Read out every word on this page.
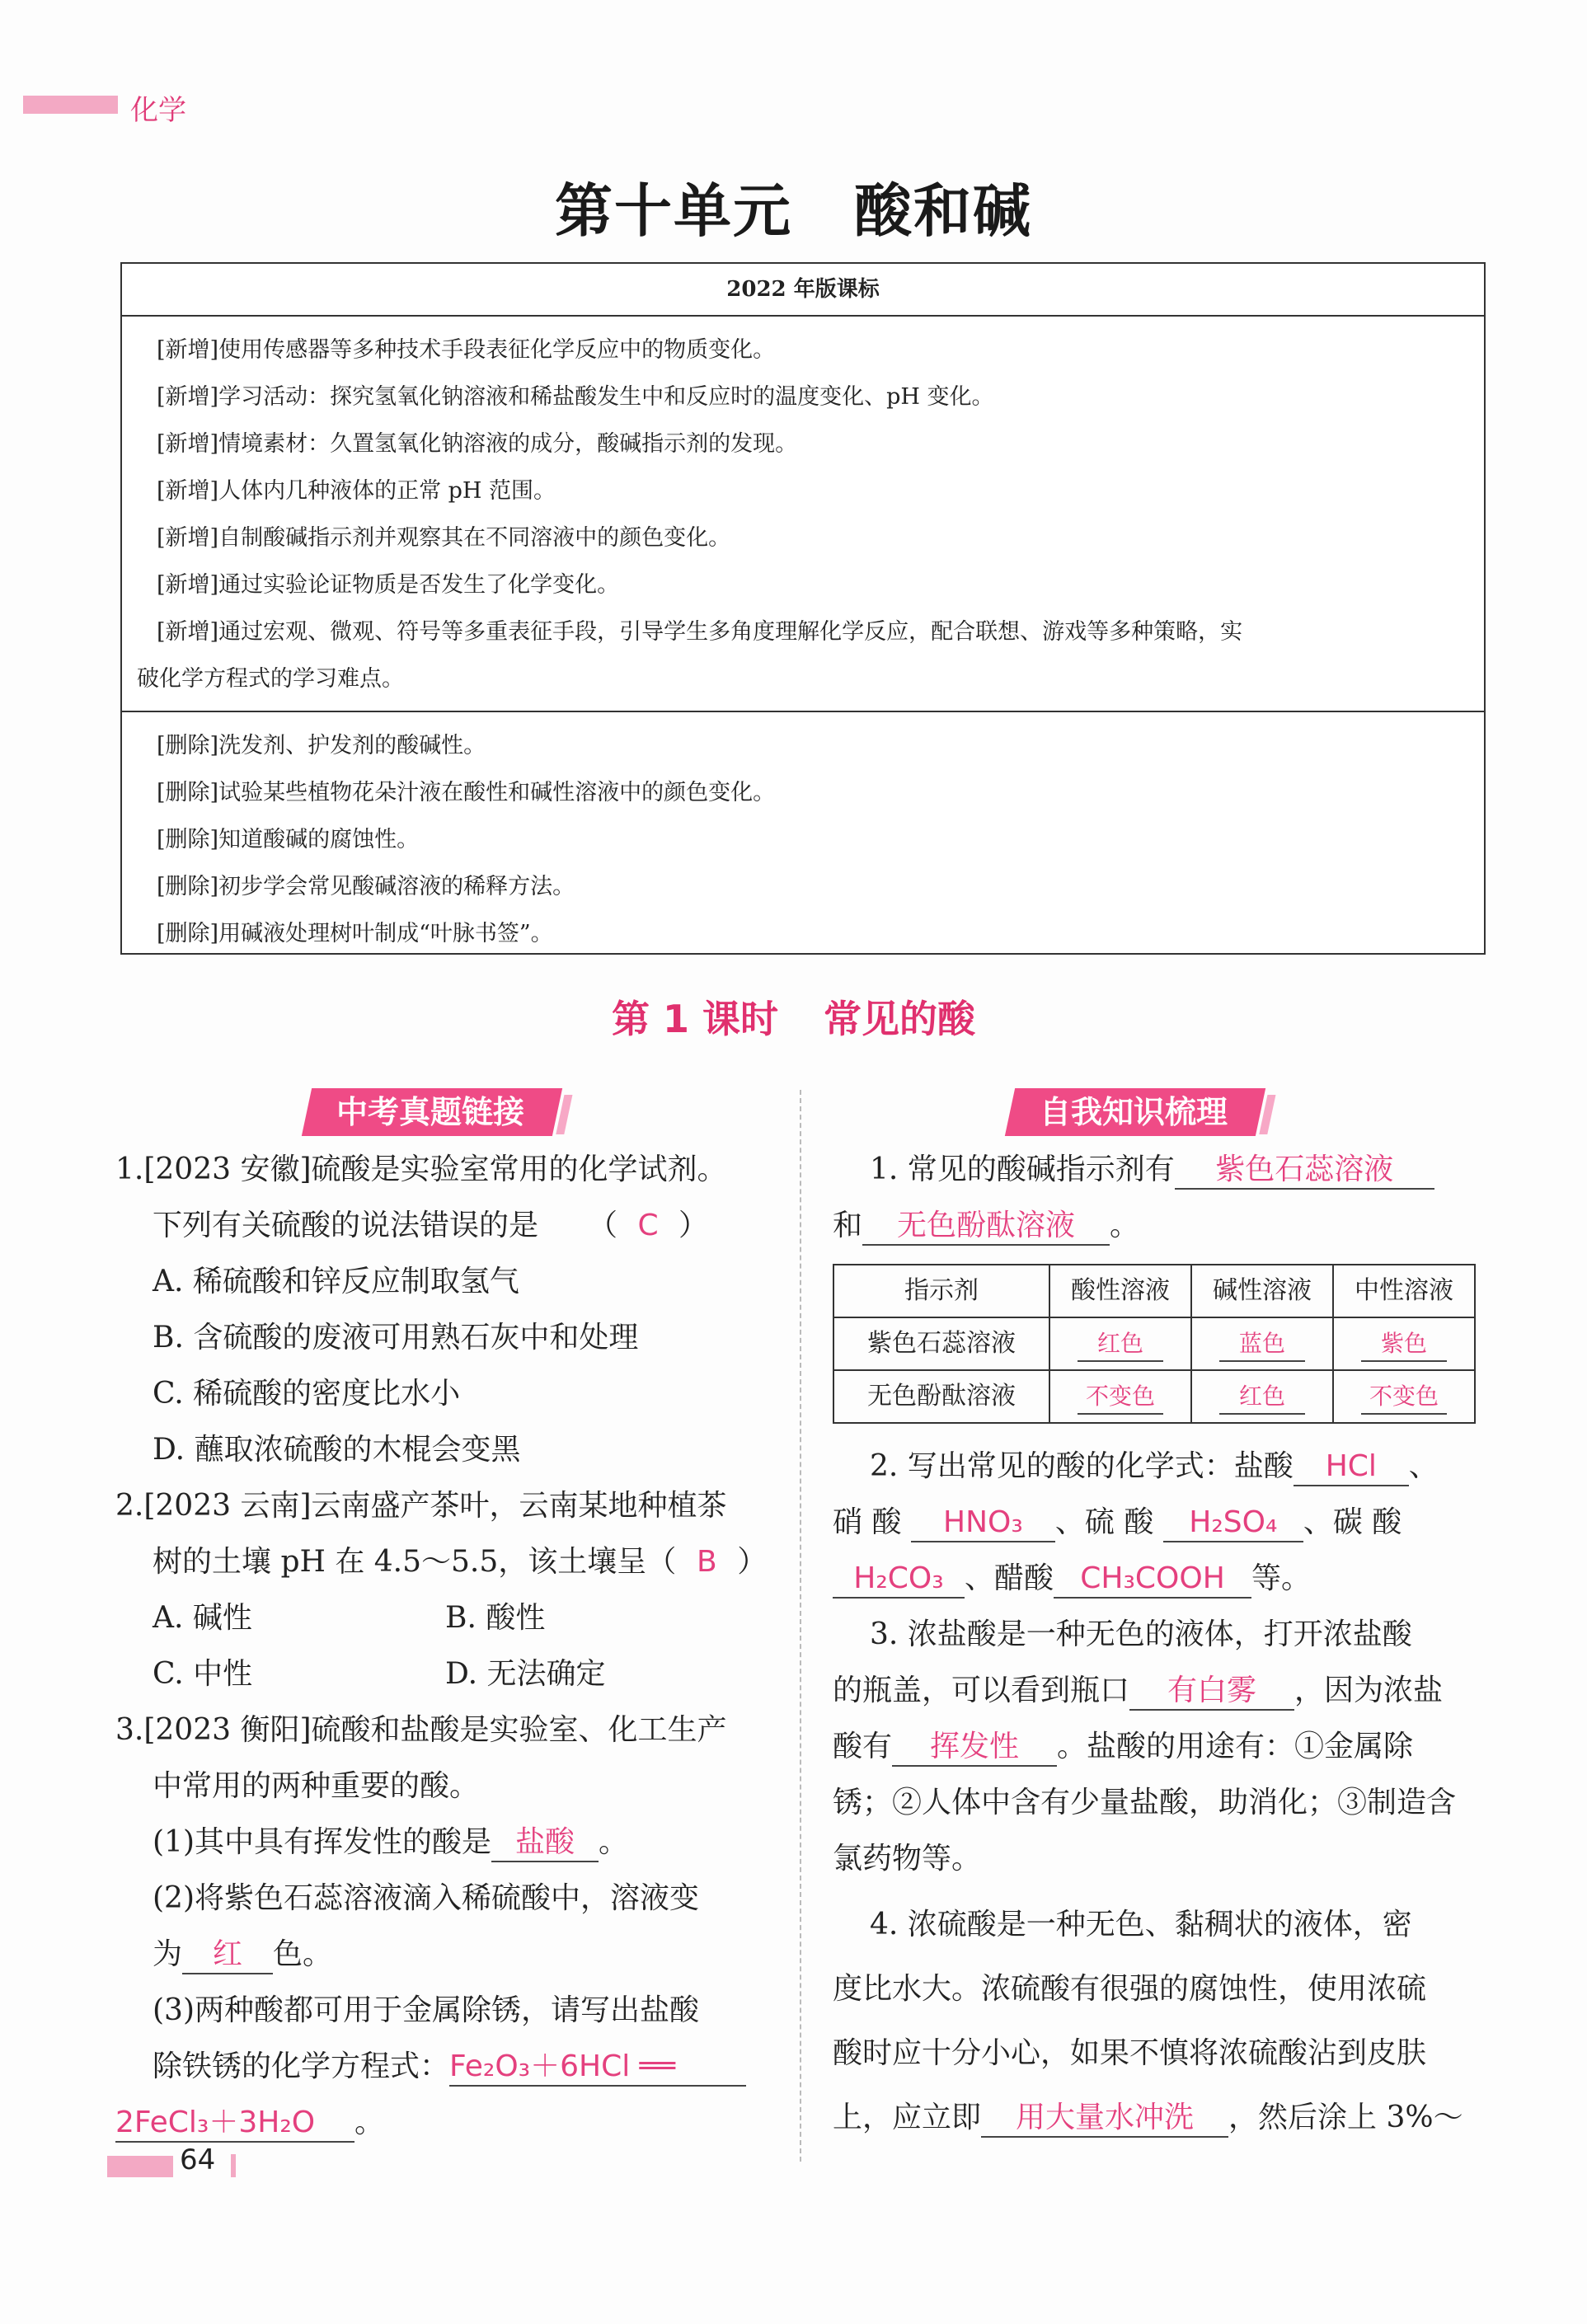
化学
第十单元 酸和碱
2022 年版课标
[新增]使用传感器等多种技术手段表征化学反应中的物质变化。
[新增]学习活动：探究氢氧化钠溶液和稀盐酸发生中和反应时的温度变化、pH 变化。
[新增]情境素材：久置氢氧化钠溶液的成分，酸碱指示剂的发现。
[新增]人体内几种液体的正常 pH 范围。
[新增]自制酸碱指示剂并观察其在不同溶液中的颜色变化。
[新增]通过实验论证物质是否发生了化学变化。
[新增]通过宏观、微观、符号等多重表征手段，引导学生多角度理解化学反应，配合联想、游戏等多种策略，实
破化学方程式的学习难点。
[删除]洗发剂、护发剂的酸碱性。
[删除]试验某些植物花朵汁液在酸性和碱性溶液中的颜色变化。
[删除]知道酸碱的腐蚀性。
[删除]初步学会常见酸碱溶液的稀释方法。
[删除]用碱液处理树叶制成“叶脉书签”。
第 1 课时 常见的酸
中考真题链接	自我知识梳理
1.[2023 安徽]硫酸是实验室常用的化学试剂。
下列有关硫酸的说法错误的是 （ C ）
A. 稀硫酸和锌反应制取氢气
B. 含硫酸的废液可用熟石灰中和处理
C. 稀硫酸的密度比水小
D. 蘸取浓硫酸的木棍会变黑
2.[2023 云南]云南盛产茶叶，云南某地种植茶
树的土壤 pH 在 4.5～5.5，该土壤呈（ B ）
A. 碱性	B. 酸性
C. 中性	D. 无法确定
3.[2023 衡阳]硫酸和盐酸是实验室、化工生产
中常用的两种重要的酸。
(1)其中具有挥发性的酸是 盐酸 。
(2)将紫色石蕊溶液滴入稀硫酸中，溶液变
为 红 色。
(3)两种酸都可用于金属除锈，请写出盐酸
除铁锈的化学方程式：Fe₂O₃＋6HCl ══
2FeCl₃＋3H₂O 。
1. 常见的酸碱指示剂有 紫色石蕊溶液
和 无色酚酞溶液 。
指示剂	酸性溶液	碱性溶液	中性溶液
紫色石蕊溶液	红色	蓝色	紫色
无色酚酞溶液	不变色	红色	不变色
2. 写出常见的酸的化学式：盐酸 HCl 、
硝 酸 HNO₃ 、硫 酸 H₂SO₄ 、碳 酸
H₂CO₃ 、醋酸 CH₃COOH 等。
3. 浓盐酸是一种无色的液体，打开浓盐酸
的瓶盖，可以看到瓶口 有白雾 ，因为浓盐
酸有 挥发性 。盐酸的用途有：①金属除
锈；②人体中含有少量盐酸，助消化；③制造含
氯药物等。
4. 浓硫酸是一种无色、黏稠状的液体，密
度比水大。浓硫酸有很强的腐蚀性，使用浓硫
酸时应十分小心，如果不慎将浓硫酸沾到皮肤
上，应立即 用大量水冲洗 ，然后涂上 3%～
64
